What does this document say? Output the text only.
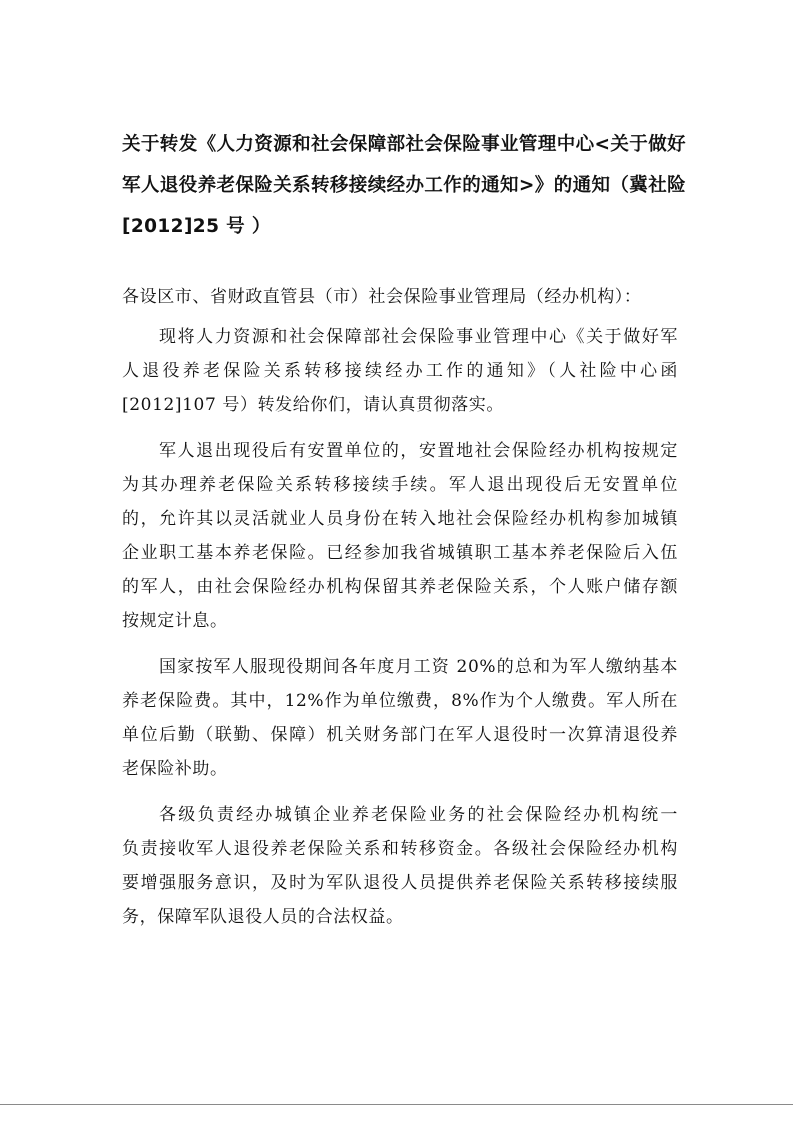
关于转发《人力资源和社会保障部社会保险事业管理中心<关于做好
军人退役养老保险关系转移接续经办工作的通知>》的通知（冀社险
[2012]25 号 ）

各设区市、省财政直管县（市）社会保险事业管理局（经办机构）：

现将人力资源和社会保障部社会保险事业管理中心《关于做好军
人退役养老保险关系转移接续经办工作的通知》（人社险中心函
[2012]107 号）转发给你们，请认真贯彻落实。
军人退出现役后有安置单位的，安置地社会保险经办机构按规定
为其办理养老保险关系转移接续手续。军人退出现役后无安置单位
的，允许其以灵活就业人员身份在转入地社会保险经办机构参加城镇
企业职工基本养老保险。已经参加我省城镇职工基本养老保险后入伍
的军人，由社会保险经办机构保留其养老保险关系，个人账户储存额
按规定计息。
国家按军人服现役期间各年度月工资 20%的总和为军人缴纳基本
养老保险费。其中，12%作为单位缴费，8%作为个人缴费。军人所在
单位后勤（联勤、保障）机关财务部门在军人退役时一次算清退役养
老保险补助。
各级负责经办城镇企业养老保险业务的社会保险经办机构统一
负责接收军人退役养老保险关系和转移资金。各级社会保险经办机构
要增强服务意识，及时为军队退役人员提供养老保险关系转移接续服
务，保障军队退役人员的合法权益。
